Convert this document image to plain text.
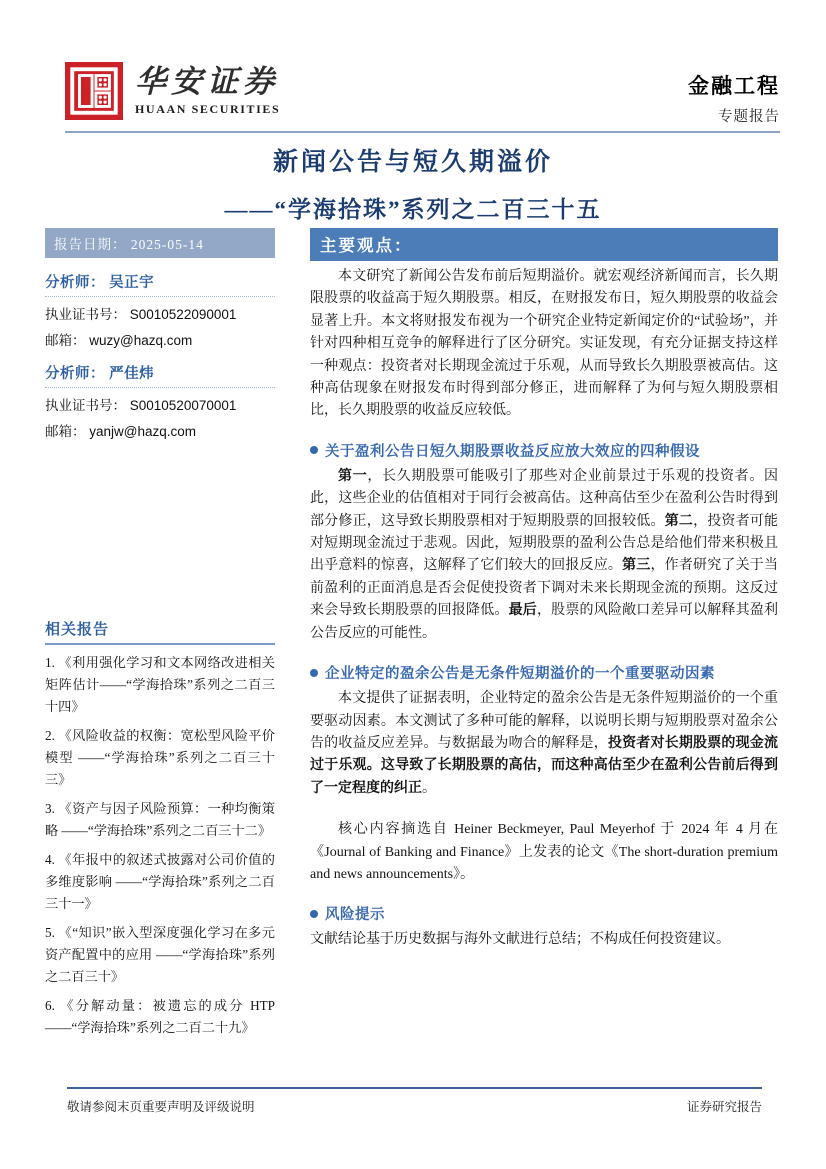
华安证券
HUAAN SECURITIES
金融工程
专题报告
新闻公告与短久期溢价
——“学海拾珠”系列之二百三十五
报告日期： 2025-05-14
分析师： 吴正宇
执业证书号： S0010522090001
邮箱： wuzy@hazq.com
分析师： 严佳炜
执业证书号： S0010520070001
邮箱： yanjw@hazq.com
相关报告
1. 《利用强化学习和文本网络改进相关矩阵估计——“学海拾珠”系列之二百三十四》
2. 《风险收益的权衡：宽松型风险平价模型 ——“学海拾珠”系列之二百三十三》
3. 《资产与因子风险预算：一种均衡策略 ——“学海拾珠”系列之二百三十二》
4. 《年报中的叙述式披露对公司价值的多维度影响 ——“学海拾珠”系列之二百三十一》
5. 《“知识”嵌入型深度强化学习在多元资产配置中的应用 ——“学海拾珠”系列之二百三十》
6. 《分解动量：被遗忘的成分 HTP ——“学海拾珠”系列之二百二十九》
主要观点：

本文研究了新闻公告发布前后短期溢价。就宏观经济新闻而言，长久期限股票的收益高于短久期股票。相反，在财报发布日，短久期股票的收益会显著上升。本文将财报发布视为一个研究企业特定新闻定价的“试验场”，并针对四种相互竞争的解释进行了区分研究。实证发现，有充分证据支持这样一种观点：投资者对长期现金流过于乐观，从而导致长久期股票被高估。这种高估现象在财报发布时得到部分修正，进而解释了为何与短久期股票相比，长久期股票的收益反应较低。

关于盈利公告日短久期股票收益反应放大效应的四种假设

第一，长久期股票可能吸引了那些对企业前景过于乐观的投资者。因此，这些企业的估值相对于同行会被高估。这种高估至少在盈利公告时得到部分修正，这导致长期股票相对于短期股票的回报较低。第二，投资者可能对短期现金流过于悲观。因此，短期股票的盈利公告总是给他们带来积极且出乎意料的惊喜，这解释了它们较大的回报反应。第三，作者研究了关于当前盈利的正面消息是否会促使投资者下调对未来长期现金流的预期。这反过来会导致长期股票的回报降低。最后，股票的风险敞口差异可以解释其盈利公告反应的可能性。

企业特定的盈余公告是无条件短期溢价的一个重要驱动因素

本文提供了证据表明，企业特定的盈余公告是无条件短期溢价的一个重要驱动因素。本文测试了多种可能的解释，以说明长期与短期股票对盈余公告的收益反应差异。与数据最为吻合的解释是，投资者对长期股票的现金流过于乐观。这导致了长期股票的高估，而这种高估至少在盈利公告前后得到了一定程度的纠正。

核心内容摘选自 Heiner Beckmeyer, Paul Meyerhof 于 2024 年 4 月在《Journal of Banking and Finance》上发表的论文《The short-duration premium and news announcements》。

风险提示

文献结论基于历史数据与海外文献进行总结；不构成任何投资建议。

敬请参阅末页重要声明及评级说明	证券研究报告
